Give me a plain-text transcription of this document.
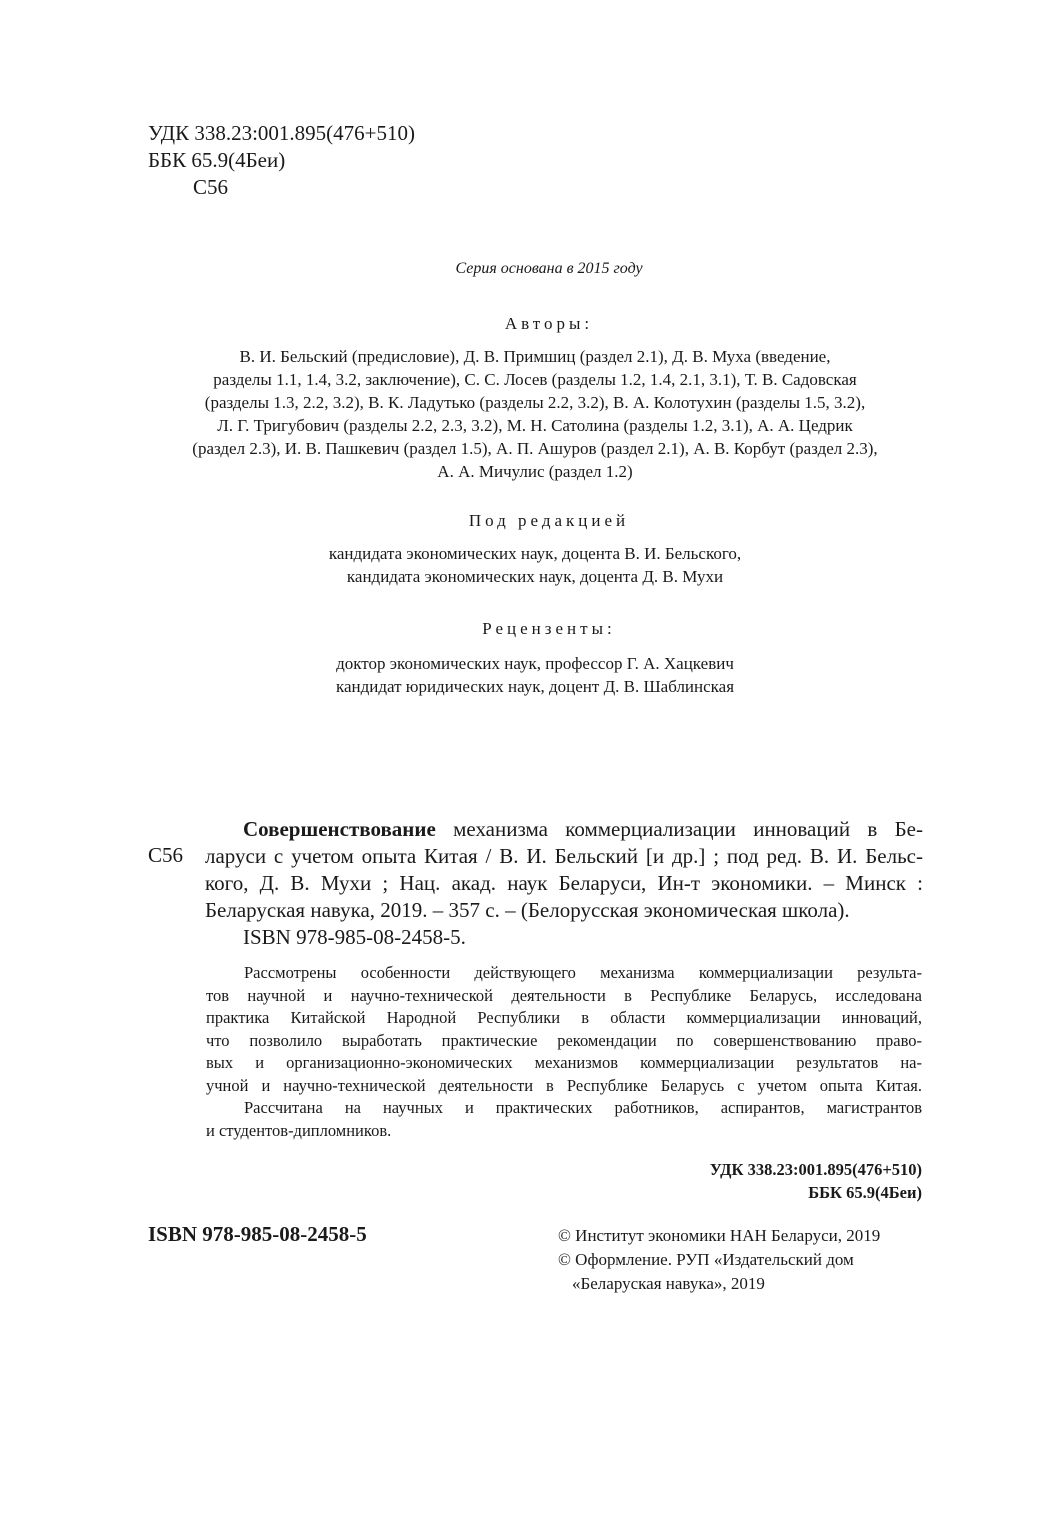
УДК 338.23:001.895(476+510)
ББК 65.9(4Беи)
С56
Серия основана в 2015 году
Авторы:
В. И. Бельский (предисловие), Д. В. Примшиц (раздел 2.1), Д. В. Муха (введение,
разделы 1.1, 1.4, 3.2, заключение), С. С. Лосев (разделы 1.2, 1.4, 2.1, 3.1), Т. В. Садовская
(разделы 1.3, 2.2, 3.2), В. К. Ладутько (разделы 2.2, 3.2), В. А. Колотухин (разделы 1.5, 3.2),
Л. Г. Тригубович (разделы 2.2, 2.3, 3.2), М. Н. Сатолина (разделы 1.2, 3.1), А. А. Цедрик
(раздел 2.3), И. В. Пашкевич (раздел 1.5), А. П. Ашуров (раздел 2.1), А. В. Корбут (раздел 2.3),
А. А. Мичулис (раздел 1.2)
Под редакцией
кандидата экономических наук, доцента В. И. Бельского,
кандидата экономических наук, доцента Д. В. Мухи
Рецензенты:
доктор экономических наук, профессор Г. А. Хацкевич
кандидат юридических наук, доцент Д. В. Шаблинская
С56
Совершенствование механизма коммерциализации инноваций в Бе-
ларуси с учетом опыта Китая / В. И. Бельский [и др.] ; под ред. В. И. Бельс-
кого, Д. В. Мухи ; Нац. акад. наук Беларуси, Ин-т экономики. – Минск :
Беларуская навука, 2019. – 357 с. – (Белорусская экономическая школа).
ISBN 978-985-08-2458-5.
Рассмотрены особенности действующего механизма коммерциализации результа-
тов научной и научно-технической деятельности в Республике Беларусь, исследована
практика Китайской Народной Республики в области коммерциализации инноваций,
что позволило выработать практические рекомендации по совершенствованию право-
вых и организационно-экономических механизмов коммерциализации результатов на-
учной и научно-технической деятельности в Республике Беларусь с учетом опыта Китая.
Рассчитана на научных и практических работников, аспирантов, магистрантов
и студентов-дипломников.
УДК 338.23:001.895(476+510)
ББК 65.9(4Беи)
ISBN 978-985-08-2458-5	© Институт экономики НАН Беларуси, 2019
© Оформление. РУП «Издательский дом
«Беларуская навука», 2019
